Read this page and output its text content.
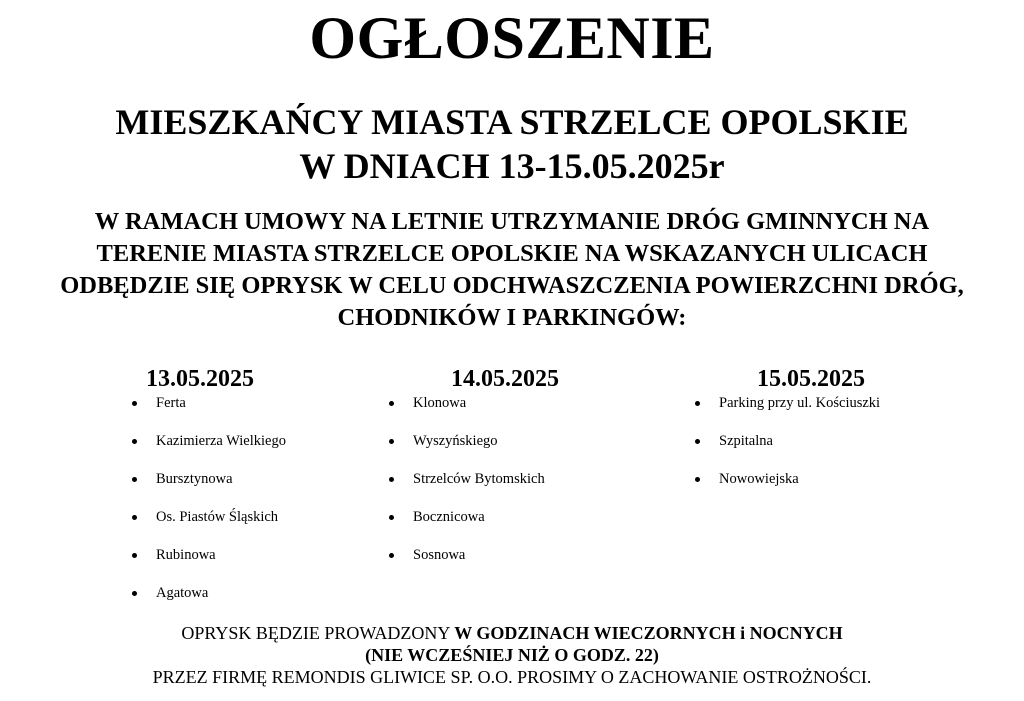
OGŁOSZENIE
MIESZKAŃCY MIASTA STRZELCE OPOLSKIE
W DNIACH 13-15.05.2025r
W RAMACH UMOWY NA LETNIE UTRZYMANIE DRÓG GMINNYCH NA
TERENIE MIASTA STRZELCE OPOLSKIE NA WSKAZANYCH ULICACH
ODBĘDZIE SIĘ OPRYSK W CELU ODCHWASZCZENIA POWIERZCHNI DRÓG,
CHODNIKÓW I PARKINGÓW:
13.05.2025
Ferta
Kazimierza Wielkiego
Bursztynowa
Os. Piastów Śląskich
Rubinowa
Agatowa
14.05.2025
Klonowa
Wyszyńskiego
Strzelców Bytomskich
Bocznicowa
Sosnowa
15.05.2025
Parking przy ul. Kościuszki
Szpitalna
Nowowiejska
OPRYSK BĘDZIE PROWADZONY W GODZINACH WIECZORNYCH i NOCNYCH
(NIE WCZEŚNIEJ NIŻ O GODZ. 22)
PRZEZ FIRMĘ REMONDIS GLIWICE SP. O.O. PROSIMY O ZACHOWANIE OSTROŻNOŚCI.
